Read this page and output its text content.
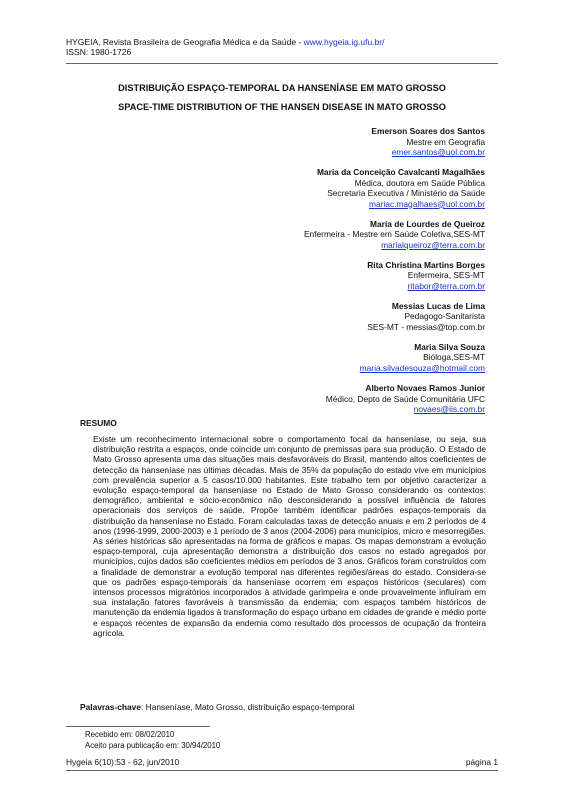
HYGEIA, Revista Brasileira de Geografia Médica e da Saúde - www.hygeia.ig.ufu.br/
ISSN: 1980-1726
DISTRIBUIÇÃO ESPAÇO-TEMPORAL DA HANSENÍASE EM MATO GROSSO
SPACE-TIME DISTRIBUTION OF THE HANSEN DISEASE IN MATO GROSSO
Emerson Soares dos Santos
Mestre em Geografia
emer.santos@uol.com.br
Maria da Conceição Cavalcanti Magalhães
Médica, doutora em Saúde Pública
Secretaria Executiva / Ministério da Saúde
mariac.magalhaes@uol.com.br
Maria de Lourdes de Queiroz
Enfermeira - Mestre em Saúde Coletiva,SES-MT
marialqueiroz@terra.com.br
Rita Christina Martins Borges
Enfermeira, SES-MT
ritabor@terra.com.br
Messias Lucas de Lima
Pedagogo-Sanitarista
SES-MT - messias@top.com.br
Maria Silva Souza
Bióloga,SES-MT
maria.silvadesouza@hotmail.com
Alberto Novaes Ramos Junior
Médico, Depto de Saúde Comunitária UFC
novaes@iis.com.br
RESUMO
Existe um reconhecimento internacional sobre o comportamento focal da hanseníase, ou seja, sua distribuição restrita a espaços, onde coincide um conjunto de premissas para sua produção. O Estado de Mato Grosso apresenta uma das situações mais desfavoráveis do Brasil, mantendo altos coeficientes de detecção da hanseníase nas últimas décadas. Mais de 35% da população do estado vive em municípios com prevalência superior a 5 casos/10.000 habitantes. Este trabalho tem por objetivo caracterizar a evolução espaço-temporal da hanseníase no Estado de Mato Grosso considerando os contextos: demográfico, ambiental e sócio-econômico não desconsiderando a possível influência de fatores operacionais dos serviços de saúde. Propõe também identificar padrões espaços-temporais da distribuição da hanseníase no Estado. Foram calculadas taxas de detecção anuais e em 2 períodos de 4 anos (1996-1999, 2000-2003) e 1 período de 3 anos (2004-2006) para municípios, micro e mesorregiões. As séries históricas são apresentadas na forma de gráficos e mapas. Os mapas demonstram a evolução espaço-temporal, cuja apresentação demonstra a distribuição dos casos no estado agregados por municípios, cujos dados são coeficientes médios em períodos de 3 anos. Gráficos foram construídos com a finalidade de demonstrar a evolução temporal nas diferentes regiões/áreas do estado. Considera-se que os padrões espaço-temporais da hanseníase ocorrem em espaços históricos (seculares) com intensos processos migratórios incorporados à atividade garimpeira e onde provavelmente influíram em sua instalação fatores favoráveis à transmissão da endemia; com espaços também históricos de manutenção da endemia ligados à transformação do espaço urbano em cidades de grande e médio porte e espaços recentes de expansão da endemia como resultado dos processos de ocupação da fronteira agrícola.
Palavras-chave: Hanseníase, Mato Grosso, distribuição espaço-temporal
Recebido em: 08/02/2010
Aceito para publicação em: 30/94/2010
Hygeia 6(10):53 - 62, jun/2010	página 1
